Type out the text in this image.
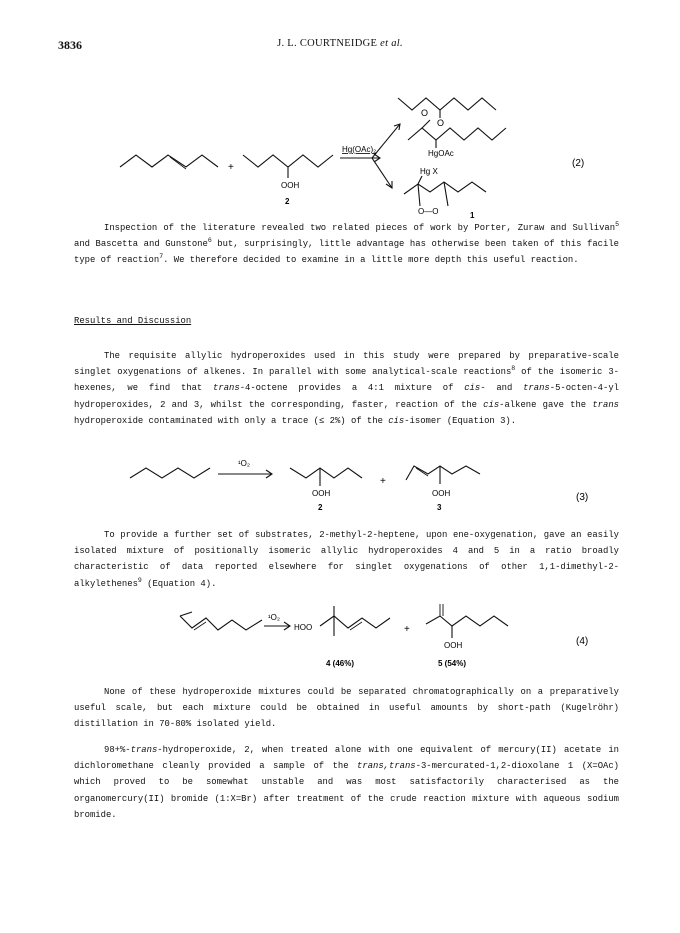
3836	J. L. COURTNEIDGE et al.
O
O
HgOAc
OOH
Hg X
O—O
Hg(OAc)₂
2
1
+	(2)

Inspection of the literature revealed two related pieces of work by Porter, Zuraw and Sullivan$^5$ and Bascetta and Gunstone$^6$ but, surprisingly, little advantage has otherwise been taken of this facile type of reaction$^7$. We therefore decided to examine in a little more depth this useful reaction.

Results and Discussion

The requisite allylic hydroperoxides used in this study were prepared by preparative-scale singlet oxygenations of alkenes. In parallel with some analytical-scale reactions$^8$ of the isomeric 3-hexenes, we find that trans-4-octene provides a 4:1 mixture of cis- and trans-5-octen-4-yl hydroperoxides, 2 and 3, whilst the corresponding, faster, reaction of the cis-alkene gave the trans hydroperoxide contaminated with only a trace (≤ 2%) of the cis-isomer (Equation 3).

¹O₂
OOH	OOH
+
2	3
(3)

To provide a further set of substrates, 2-methyl-2-heptene, upon ene-oxygenation, gave an easily isolated mixture of positionally isomeric allylic hydroperoxides 4 and 5 in a ratio broadly characteristic of data reported elsewhere for singlet oxygenations of other 1,1-dimethyl-2-alkylethenes$^9$ (Equation 4).

¹O₂
HOO	+
OOH
4 (46%)	5 (54%)
(4)

None of these hydroperoxide mixtures could be separated chromatographically on a preparatively useful scale, but each mixture could be obtained in useful amounts by short-path (Kugelröhr) distillation in 70-80% isolated yield.

98+%-trans-hydroperoxide, 2, when treated alone with one equivalent of mercury(II) acetate in dichloromethane cleanly provided a sample of the trans,trans-3-mercurated-1,2-dioxolane 1 (X=OAc) which proved to be somewhat unstable and was most satisfactorily characterised as the organomercury(II) bromide (1:X=Br) after treatment of the crude reaction mixture with aqueous sodium bromide.
